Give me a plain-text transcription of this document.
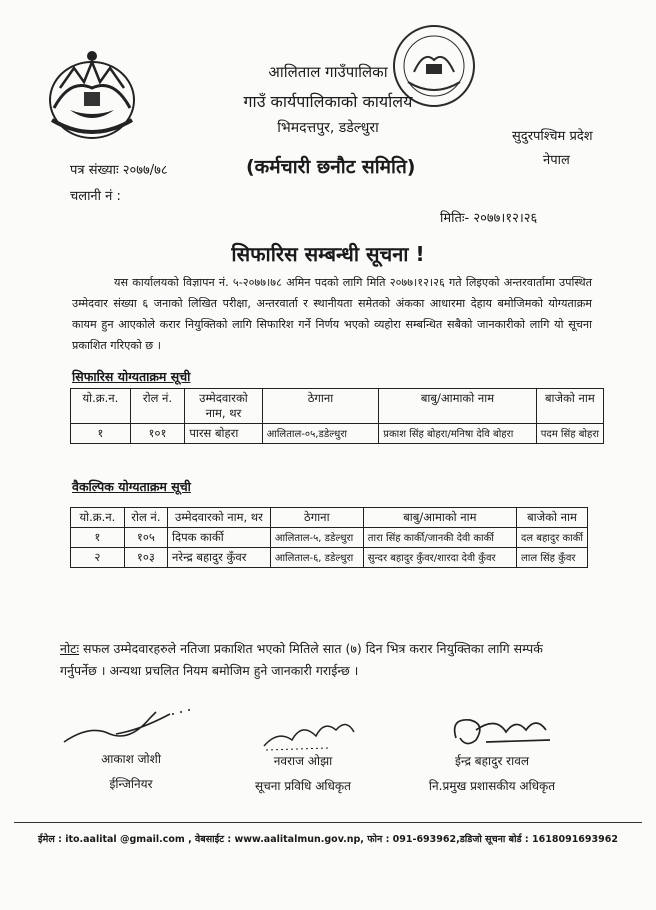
आलिताल गाउँपालिका
गाउँ कार्यपालिकाको कार्यालय
भिमदत्तपुर, डडेल्धुरा
सुदुरपश्चिम प्रदेश
नेपाल
पत्र संख्याः २०७७/७८
चलानी नं :
(कर्मचारी छनौट समिति)
मितिः- २०७७।१२।२६
सिफारिस सम्बन्धी सूचना !
यस कार्यालयको विज्ञापन नं. ५-२०७७।७८ अमिन पदको लागि मिति २०७७।१२।२६ गते लिइएको अन्तरवार्तामा उपस्थित उम्मेदवार संख्या ६ जनाको लिखित परीक्षा, अन्तरवार्ता र स्थानीयता समेतको अंकका आधारमा देहाय बमोजिमको योग्यताक्रम कायम हुन आएकोले करार नियुक्तिको लागि सिफारिश गर्ने निर्णय भएको व्यहोरा सम्बन्धित सबैको जानकारीको लागि यो सूचना प्रकाशित गरिएको छ ।
सिफारिस योग्यताक्रम सूची
यो.क्र.न.	रोल नं.	उम्मेदवारको नाम, थर	ठेगाना	बाबु/आमाको नाम	बाजेको नाम
१	१०१	पारस बोहरा	आलिताल-०५,डडेल्धुरा	प्रकाश सिंह बोहरा/मनिषा देवि बोहरा	पदम सिंह बोहरा
वैकल्पिक योग्यताक्रम सूची
यो.क्र.न.	रोल नं.	उम्मेदवारको नाम, थर	ठेगाना	बाबु/आमाको नाम	बाजेको नाम
१	१०५	दिपक कार्की	आलिताल-५, डडेल्धुरा	तारा सिंह कार्की/जानकी देवी कार्की	दल बहादुर कार्की
२	१०३	नरेन्द्र बहादुर कुँवर	आलिताल-६, डडेल्धुरा	सुन्दर बहादुर कुँवर/शारदा देवी कुँवर	लाल सिंह कुँवर
नोटः सफल उम्मेदवारहरुले नतिजा प्रकाशित भएको मितिले सात (७) दिन भित्र करार नियुक्तिका लागि सम्पर्क गर्नुपर्नेछ । अन्यथा प्रचलित नियम बमोजिम हुने जानकारी गराईन्छ ।
आकाश जोशी
ईन्जिनियर
नवराज ओझा
सूचना प्रविधि अधिकृत
ईन्द्र बहादुर रावल
नि.प्रमुख प्रशासकीय अधिकृत
ईमेल : ito.aalital @gmail.com , वेबसाईट : www.aalitalmun.gov.np, फोन : 091-693962,डडिजो सूचना बोर्ड : 1618091693962
